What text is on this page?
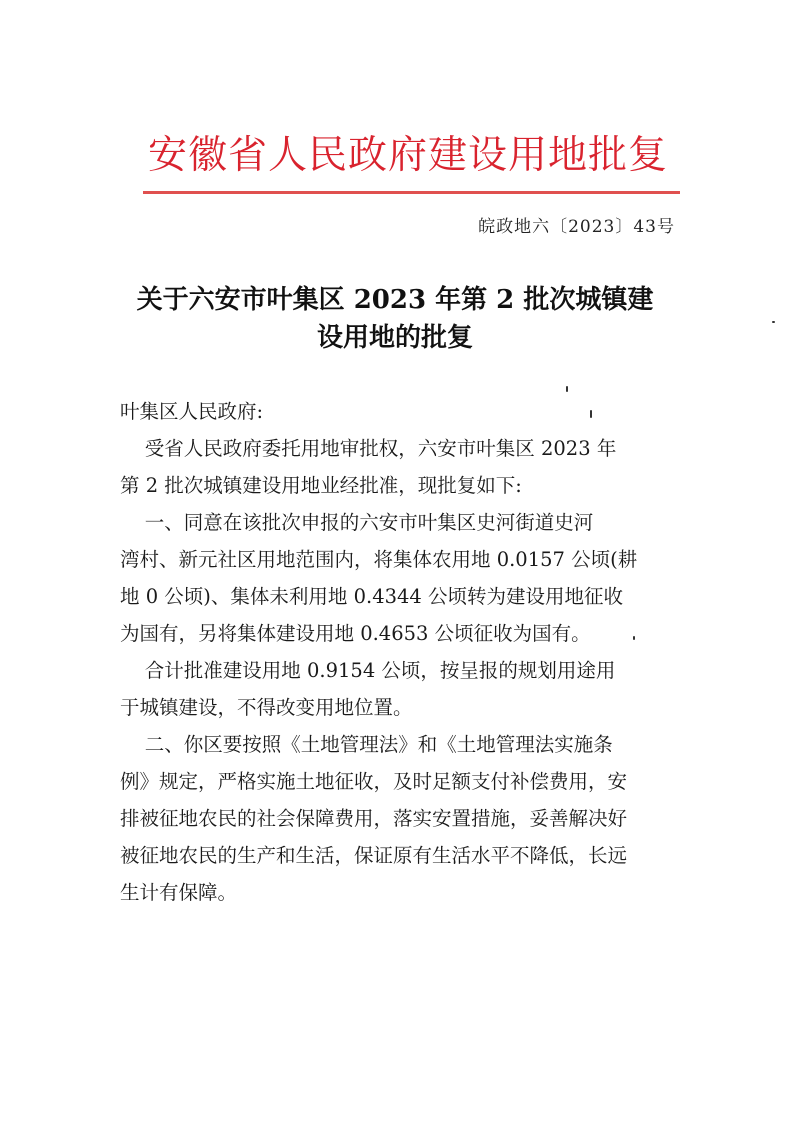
安徽省人民政府建设用地批复
皖政地六〔2023〕43号
关于六安市叶集区 2023 年第 2 批次城镇建
设用地的批复
叶集区人民政府:
受省人民政府委托用地审批权，六安市叶集区 2023 年
第 2 批次城镇建设用地业经批准，现批复如下:
一、同意在该批次申报的六安市叶集区史河街道史河
湾村、新元社区用地范围内，将集体农用地 0.0157 公顷(耕
地 0 公顷)、集体未利用地 0.4344 公顷转为建设用地征收
为国有，另将集体建设用地 0.4653 公顷征收为国有。
合计批准建设用地 0.9154 公顷，按呈报的规划用途用
于城镇建设，不得改变用地位置。
二、你区要按照《土地管理法》和《土地管理法实施条
例》规定，严格实施土地征收，及时足额支付补偿费用，安
排被征地农民的社会保障费用，落实安置措施，妥善解决好
被征地农民的生产和生活，保证原有生活水平不降低，长远
生计有保障。
